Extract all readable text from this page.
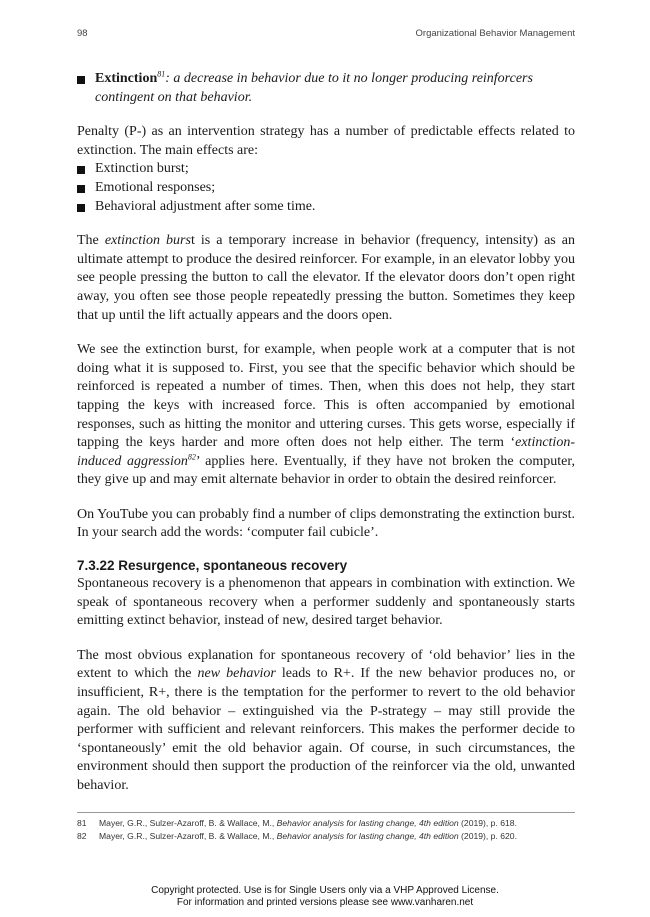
98	Organizational Behavior Management

Extinction$^{81}$: a decrease in behavior due to it no longer producing reinforcers contingent on that behavior.

Penalty (P-) as an intervention strategy has a number of predictable effects related to extinction. The main effects are:

Extinction burst;
Emotional responses;
Behavioral adjustment after some time.

The extinction burst is a temporary increase in behavior (frequency, intensity) as an ultimate attempt to produce the desired reinforcer. For example, in an elevator lobby you see people pressing the button to call the elevator. If the elevator doors don’t open right away, you often see those people repeatedly pressing the button. Sometimes they keep that up until the lift actually appears and the doors open.

We see the extinction burst, for example, when people work at a computer that is not doing what it is supposed to. First, you see that the specific behavior which should be reinforced is repeated a number of times. Then, when this does not help, they start tapping the keys with increased force. This is often accompanied by emotional responses, such as hitting the monitor and uttering curses. This gets worse, especially if tapping the keys harder and more often does not help either. The term ‘extinction-induced aggression$^{82}$’ applies here. Eventually, if they have not broken the computer, they give up and may emit alternate behavior in order to obtain the desired reinforcer.

On YouTube you can probably find a number of clips demonstrating the extinction burst. In your search add the words: ‘computer fail cubicle’.

7.3.22 Resurgence, spontaneous recovery

Spontaneous recovery is a phenomenon that appears in combination with extinction. We speak of spontaneous recovery when a performer suddenly and spontaneously starts emitting extinct behavior, instead of new, desired target behavior.

The most obvious explanation for spontaneous recovery of ‘old behavior’ lies in the extent to which the new behavior leads to R+. If the new behavior produces no, or insufficient, R+, there is the temptation for the performer to revert to the old behavior again. The old behavior – extinguished via the P-strategy – may still provide the performer with sufficient and relevant reinforcers. This makes the performer decide to ‘spontaneously’ emit the old behavior again. Of course, in such circumstances, the environment should then support the production of the reinforcer via the old, unwanted behavior.

81	Mayer, G.R., Sulzer-Azaroff, B. & Wallace, M., Behavior analysis for lasting change, 4th edition (2019), p. 618.
82	Mayer, G.R., Sulzer-Azaroff, B. & Wallace, M., Behavior analysis for lasting change, 4th edition (2019), p. 620.
Copyright protected. Use is for Single Users only via a VHP Approved License.
For information and printed versions please see www.vanharen.net
